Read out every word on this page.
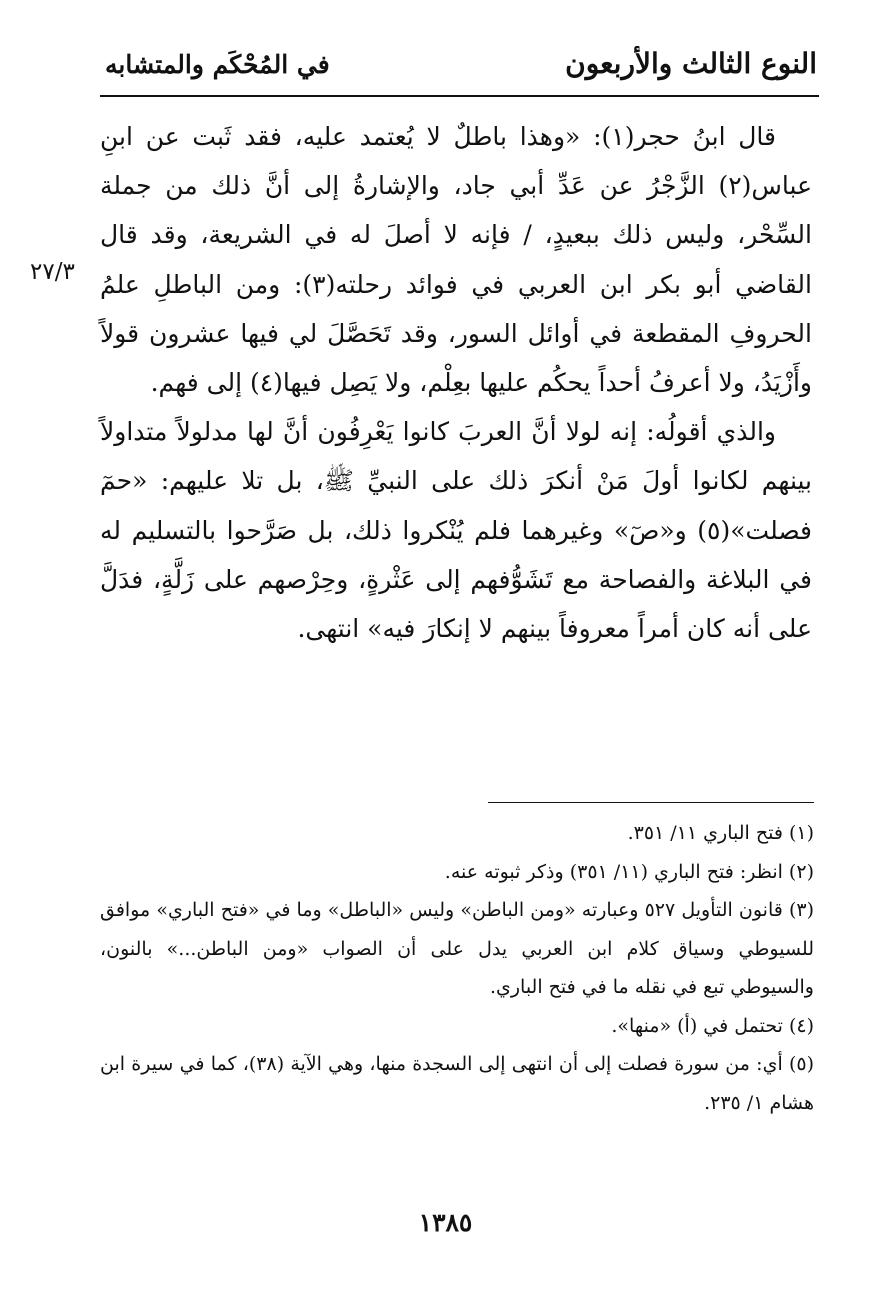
النوع الثالث والأربعون
في المُحْكَم والمتشابه
٢٧/٣

قال ابنُ حجر(١): «وهذا باطلٌ لا يُعتمد عليه، فقد ثَبت عن ابنِ عباس(٢) الزَّجْرُ عن عَدِّ أبي جاد، والإشارةُ إلى أنَّ ذلك من جملة السِّحْر، وليس ذلك ببعيدٍ، / فإنه لا أصلَ له في الشريعة، وقد قال القاضي أبو بكر ابن العربي في فوائد رحلته(٣): ومن الباطلِ علمُ الحروفِ المقطعة في أوائل السور، وقد تَحَصَّلَ لي فيها عشرون قولاً وأَزْيَدُ، ولا أعرفُ أحداً يحكُم عليها بعِلْم، ولا يَصِل فيها(٤) إلى فهم.

والذي أقولُه: إنه لولا أنَّ العربَ كانوا يَعْرِفُون أنَّ لها مدلولاً متداولاً بينهم لكانوا أولَ مَنْ أنكرَ ذلك على النبيِّ ﷺ، بل تلا عليهم: «حمٓ فصلت»(٥) و«صٓ» وغيرهما فلم يُنْكروا ذلك، بل صَرَّحوا بالتسليم له في البلاغة والفصاحة مع تَشَوُّفهم إلى عَثْرةٍ، وحِرْصهم على زَلَّةٍ، فدَلَّ على أنه كان أمراً معروفاً بينهم لا إنكارَ فيه» انتهى.

(١) فتح الباري ١١/ ٣٥١.

(٢) انظر: فتح الباري (١١/ ٣٥١) وذكر ثبوته عنه.

(٣) قانون التأويل ٥٢٧ وعبارته «ومن الباطن» وليس «الباطل» وما في «فتح الباري» موافق للسيوطي وسياق كلام ابن العربي يدل على أن الصواب «ومن الباطن...» بالنون، والسيوطي تبع في نقله ما في فتح الباري.

(٤) تحتمل في (أ) «منها».

(٥) أي: من سورة فصلت إلى أن انتهى إلى السجدة منها، وهي الآية (٣٨)، كما في سيرة ابن هشام ١/ ٢٣٥.

١٣٨٥
